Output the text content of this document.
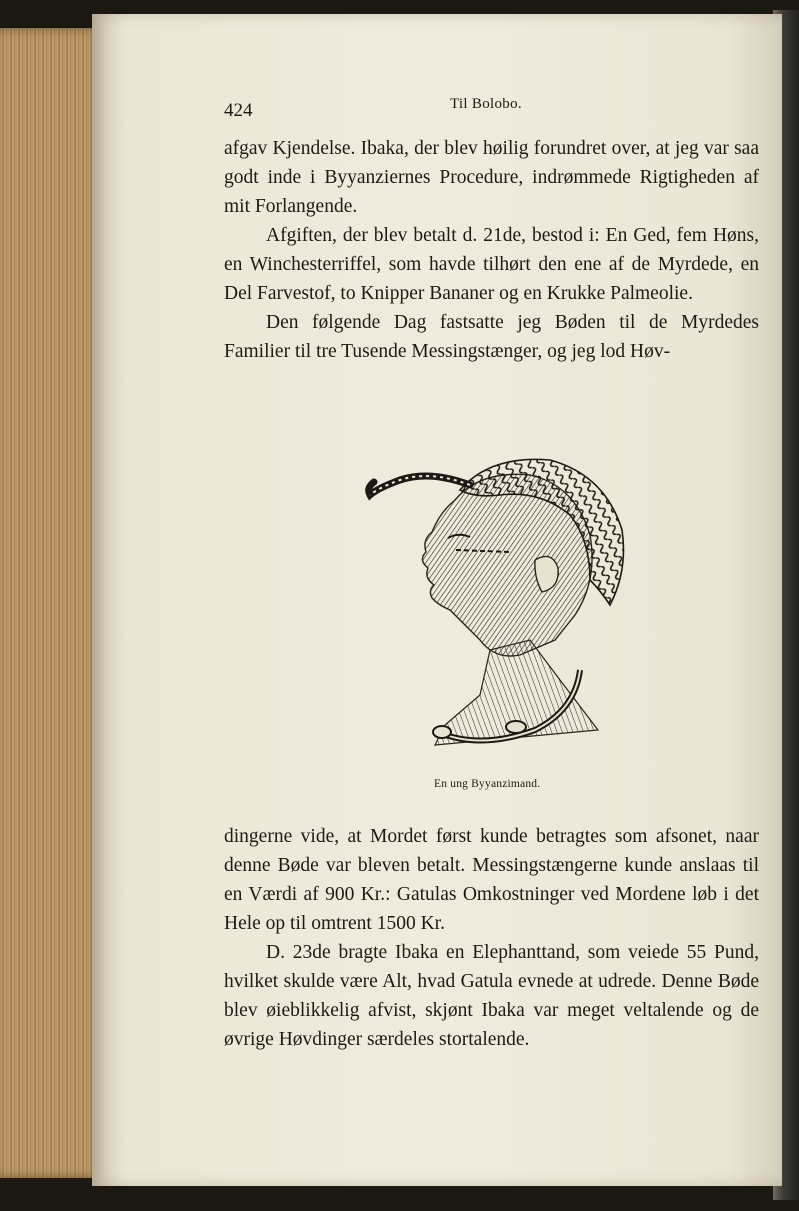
424	Til Bolobo.

afgav Kjendelse. Ibaka, der blev høilig forundret over, at jeg var saa godt inde i Byyanziernes Procedure, indrømmede Rigtigheden af mit Forlangende.

Afgiften, der blev betalt d. 21de, bestod i: En Ged, fem Høns, en Winchesterriffel, som havde tilhørt den ene af de Myrdede, en Del Farvestof, to Knipper Bananer og en Krukke Palmeolie.

Den følgende Dag fastsatte jeg Bøden til de Myrdedes Familier til tre Tusende Messingstænger, og jeg lod Høv-

En ung Byyanzimand.

dingerne vide, at Mordet først kunde betragtes som afsonet, naar denne Bøde var bleven betalt. Messingstængerne kunde anslaas til en Værdi af 900 Kr.: Gatulas Omkostninger ved Mordene løb i det Hele op til omtrent 1500 Kr.

D. 23de bragte Ibaka en Elephanttand, som veiede 55 Pund, hvilket skulde være Alt, hvad Gatula evnede at udrede. Denne Bøde blev øieblikkelig afvist, skjønt Ibaka var meget veltalende og de øvrige Høvdinger særdeles stortalende.
